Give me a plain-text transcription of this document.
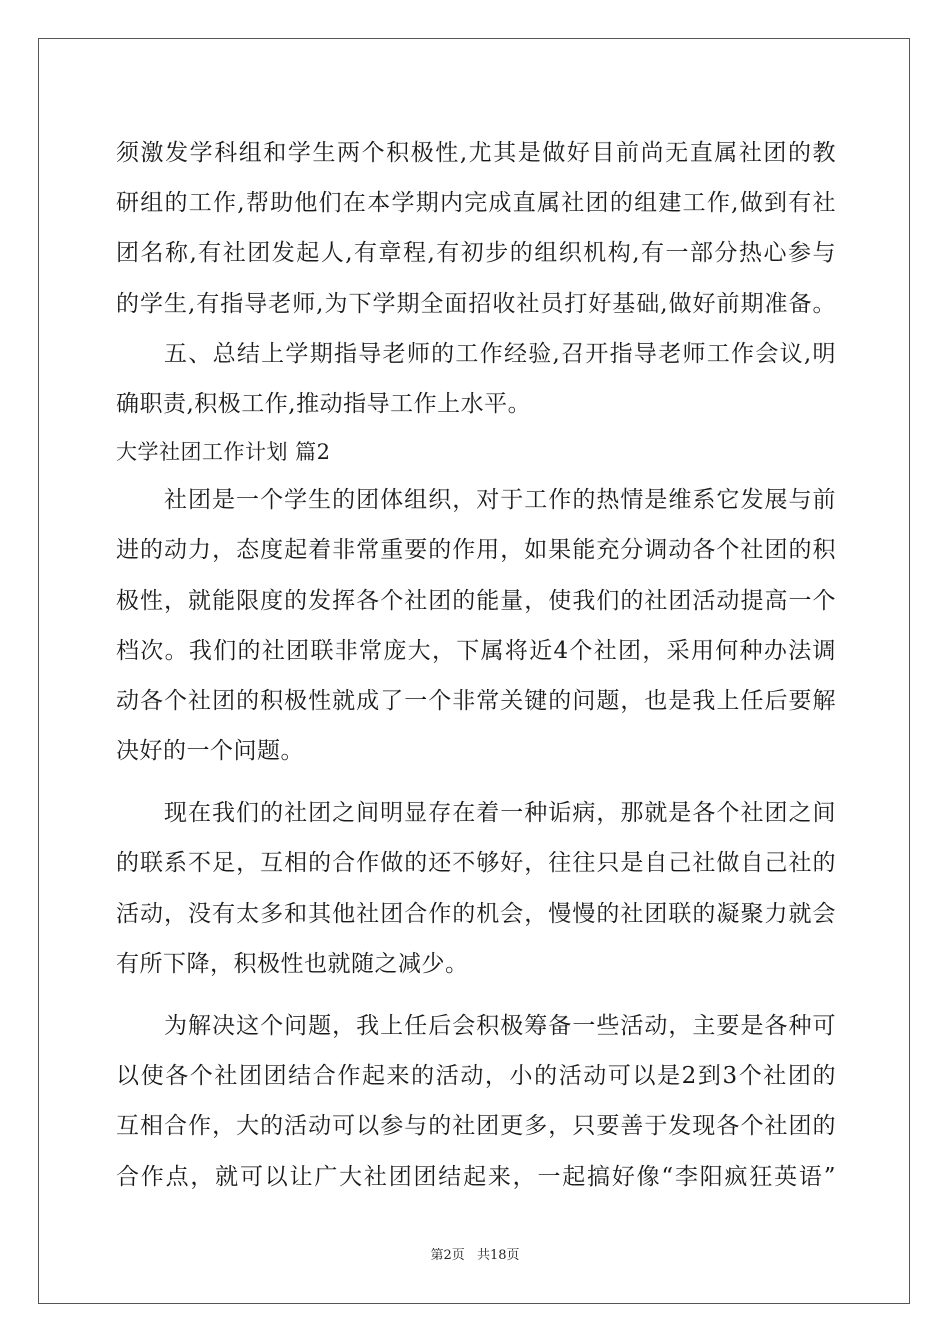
须激发学科组和学生两个积极性,尤其是做好目前尚无直属社团的教
研组的工作,帮助他们在本学期内完成直属社团的组建工作,做到有社
团名称,有社团发起人,有章程,有初步的组织机构,有一部分热心参与
的学生,有指导老师,为下学期全面招收社员打好基础,做好前期准备。
五、总结上学期指导老师的工作经验,召开指导老师工作会议,明
确职责,积极工作,推动指导工作上水平。
大学社团工作计划 篇2
社团是一个学生的团体组织，对于工作的热情是维系它发展与前
进的动力，态度起着非常重要的作用，如果能充分调动各个社团的积
极性，就能限度的发挥各个社团的能量，使我们的社团活动提高一个
档次。我们的社团联非常庞大，下属将近4个社团，采用何种办法调
动各个社团的积极性就成了一个非常关键的问题，也是我上任后要解
决好的一个问题。
现在我们的社团之间明显存在着一种诟病，那就是各个社团之间
的联系不足，互相的合作做的还不够好，往往只是自己社做自己社的
活动，没有太多和其他社团合作的机会，慢慢的社团联的凝聚力就会
有所下降，积极性也就随之减少。
为解决这个问题，我上任后会积极筹备一些活动，主要是各种可
以使各个社团团结合作起来的活动，小的活动可以是2到3个社团的
互相合作，大的活动可以参与的社团更多，只要善于发现各个社团的
合作点，就可以让广大社团团结起来，一起搞好像“李阳疯狂英语”
第2页 共18页
